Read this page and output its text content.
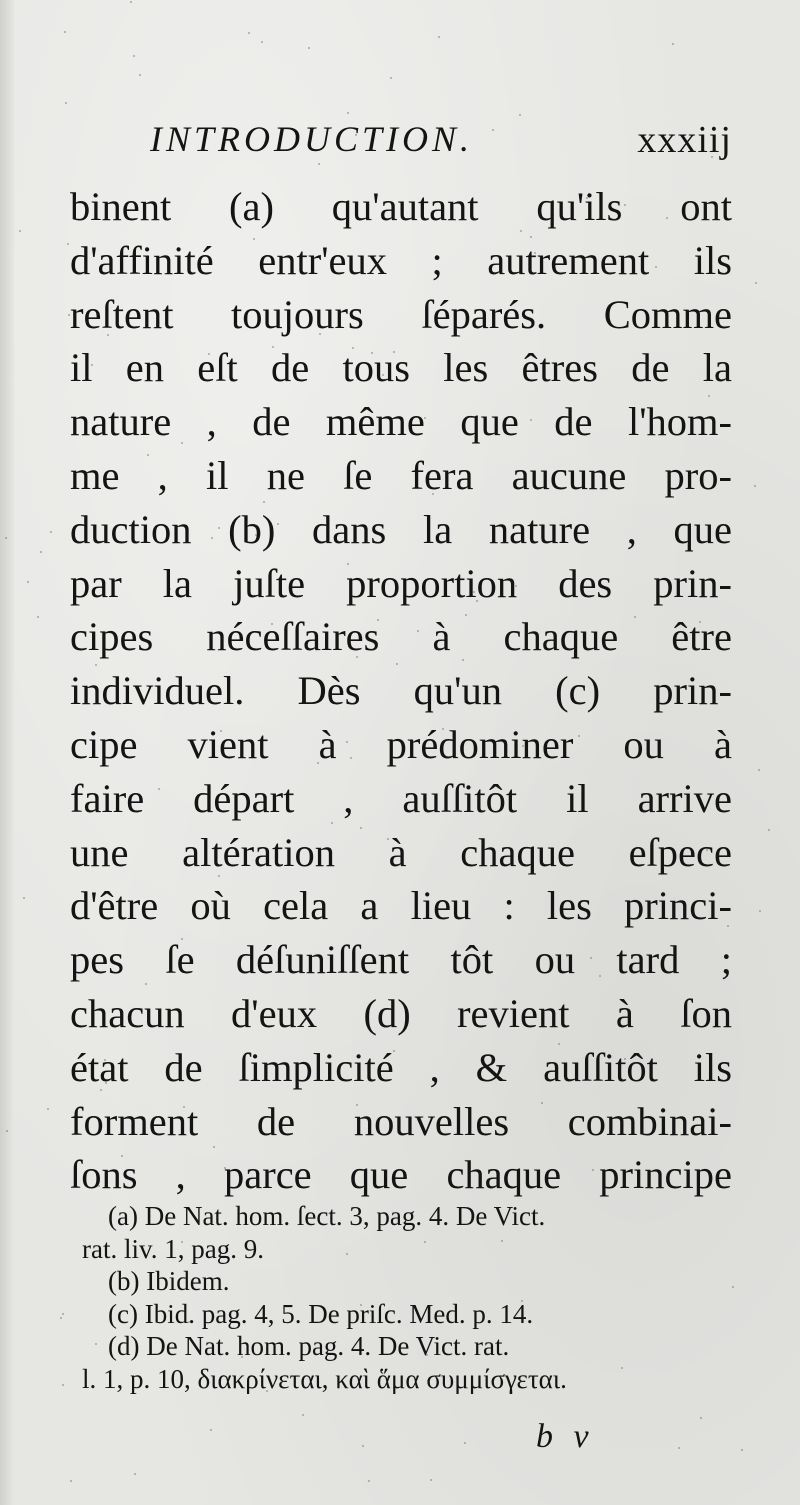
INTRODUCTION.	xxxiij
binent (a) qu'autant qu'ils ont
d'affinité entr'eux ; autrement ils
reſtent toujours ſéparés. Comme
il en eſt de tous les êtres de la
nature , de même que de l'hom-
me , il ne ſe fera aucune pro-
duction (b) dans la nature , que
par la juſte proportion des prin-
cipes néceſſaires à chaque être
individuel. Dès qu'un (c) prin-
cipe vient à prédominer ou à
faire départ , auſſitôt il arrive
une altération à chaque eſpece
d'être où cela a lieu : les princi-
pes ſe déſuniſſent tôt ou tard ;
chacun d'eux (d) revient à ſon
état de ſimplicité , & auſſitôt ils
forment de nouvelles combinai-
ſons , parce que chaque principe
(a) De Nat. hom. ſect. 3, pag. 4. De Vict.
rat. liv. 1, pag. 9.
(b) Ibidem.
(c) Ibid. pag. 4, 5. De priſc. Med. p. 14.
(d) De Nat. hom. pag. 4. De Vict. rat.
l. 1, p. 10, διακρίνεται, καὶ ἅμα συμμίσγεται.
b v
